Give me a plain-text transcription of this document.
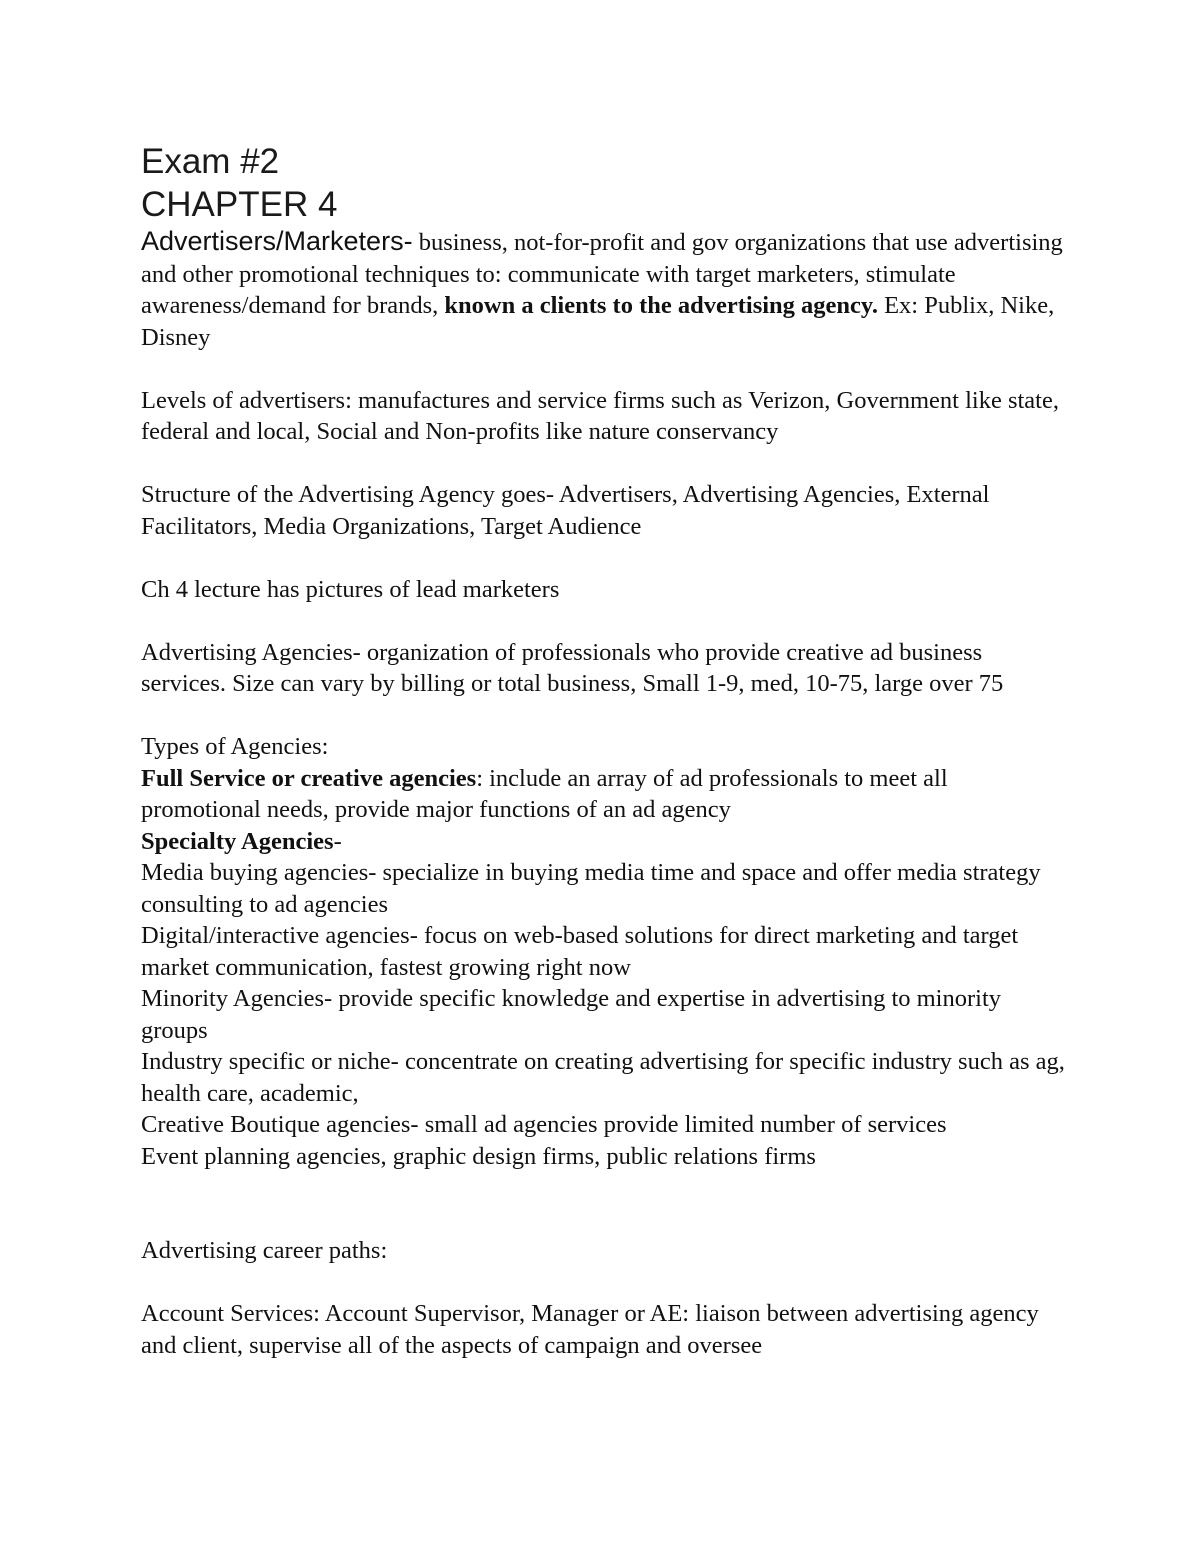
Exam #2
CHAPTER 4

Advertisers/Marketers- business, not-for-profit and gov organizations that use advertising and other promotional techniques to: communicate with target marketers, stimulate awareness/demand for brands, known a clients to the advertising agency. Ex: Publix, Nike, Disney

Levels of advertisers: manufactures and service firms such as Verizon, Government like state, federal and local, Social and Non-profits like nature conservancy

Structure of the Advertising Agency goes- Advertisers, Advertising Agencies, External Facilitators, Media Organizations, Target Audience

Ch 4 lecture has pictures of lead marketers

Advertising Agencies- organization of professionals who provide creative ad business services. Size can vary by billing or total business, Small 1-9, med, 10-75, large over 75

Types of Agencies:

Full Service or creative agencies: include an array of ad professionals to meet all promotional needs, provide major functions of an ad agency

Specialty Agencies-

Media buying agencies- specialize in buying media time and space and offer media strategy consulting to ad agencies

Digital/interactive agencies- focus on web-based solutions for direct marketing and target market communication, fastest growing right now

Minority Agencies- provide specific knowledge and expertise in advertising to minority groups

Industry specific or niche- concentrate on creating advertising for specific industry such as ag, health care, academic,

Creative Boutique agencies- small ad agencies provide limited number of services

Event planning agencies, graphic design firms, public relations firms

Advertising career paths:

Account Services: Account Supervisor, Manager or AE: liaison between advertising agency and client, supervise all of the aspects of campaign and oversee
